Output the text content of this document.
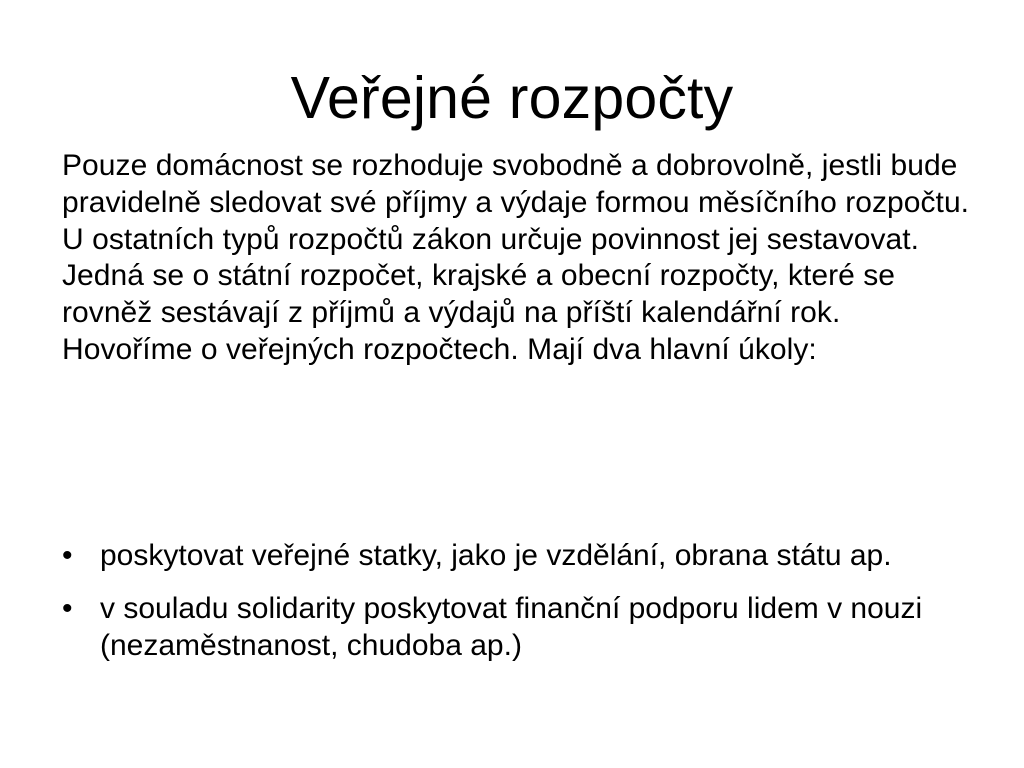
Veřejné rozpočty

Pouze domácnost se rozhoduje svobodně a dobrovolně, jestli bude pravidelně sledovat své příjmy a výdaje formou měsíčního rozpočtu. U ostatních typů rozpočtů zákon určuje povinnost jej sestavovat. Jedná se o státní rozpočet, krajské a obecní rozpočty, které se rovněž sestávají z příjmů a výdajů na příští kalendářní rok. Hovoříme o veřejných rozpočtech. Mají dva hlavní úkoly:

• poskytovat veřejné statky, jako je vzdělání, obrana státu ap.
• v souladu solidarity poskytovat finanční podporu lidem v nouzi (nezaměstnanost, chudoba ap.)
